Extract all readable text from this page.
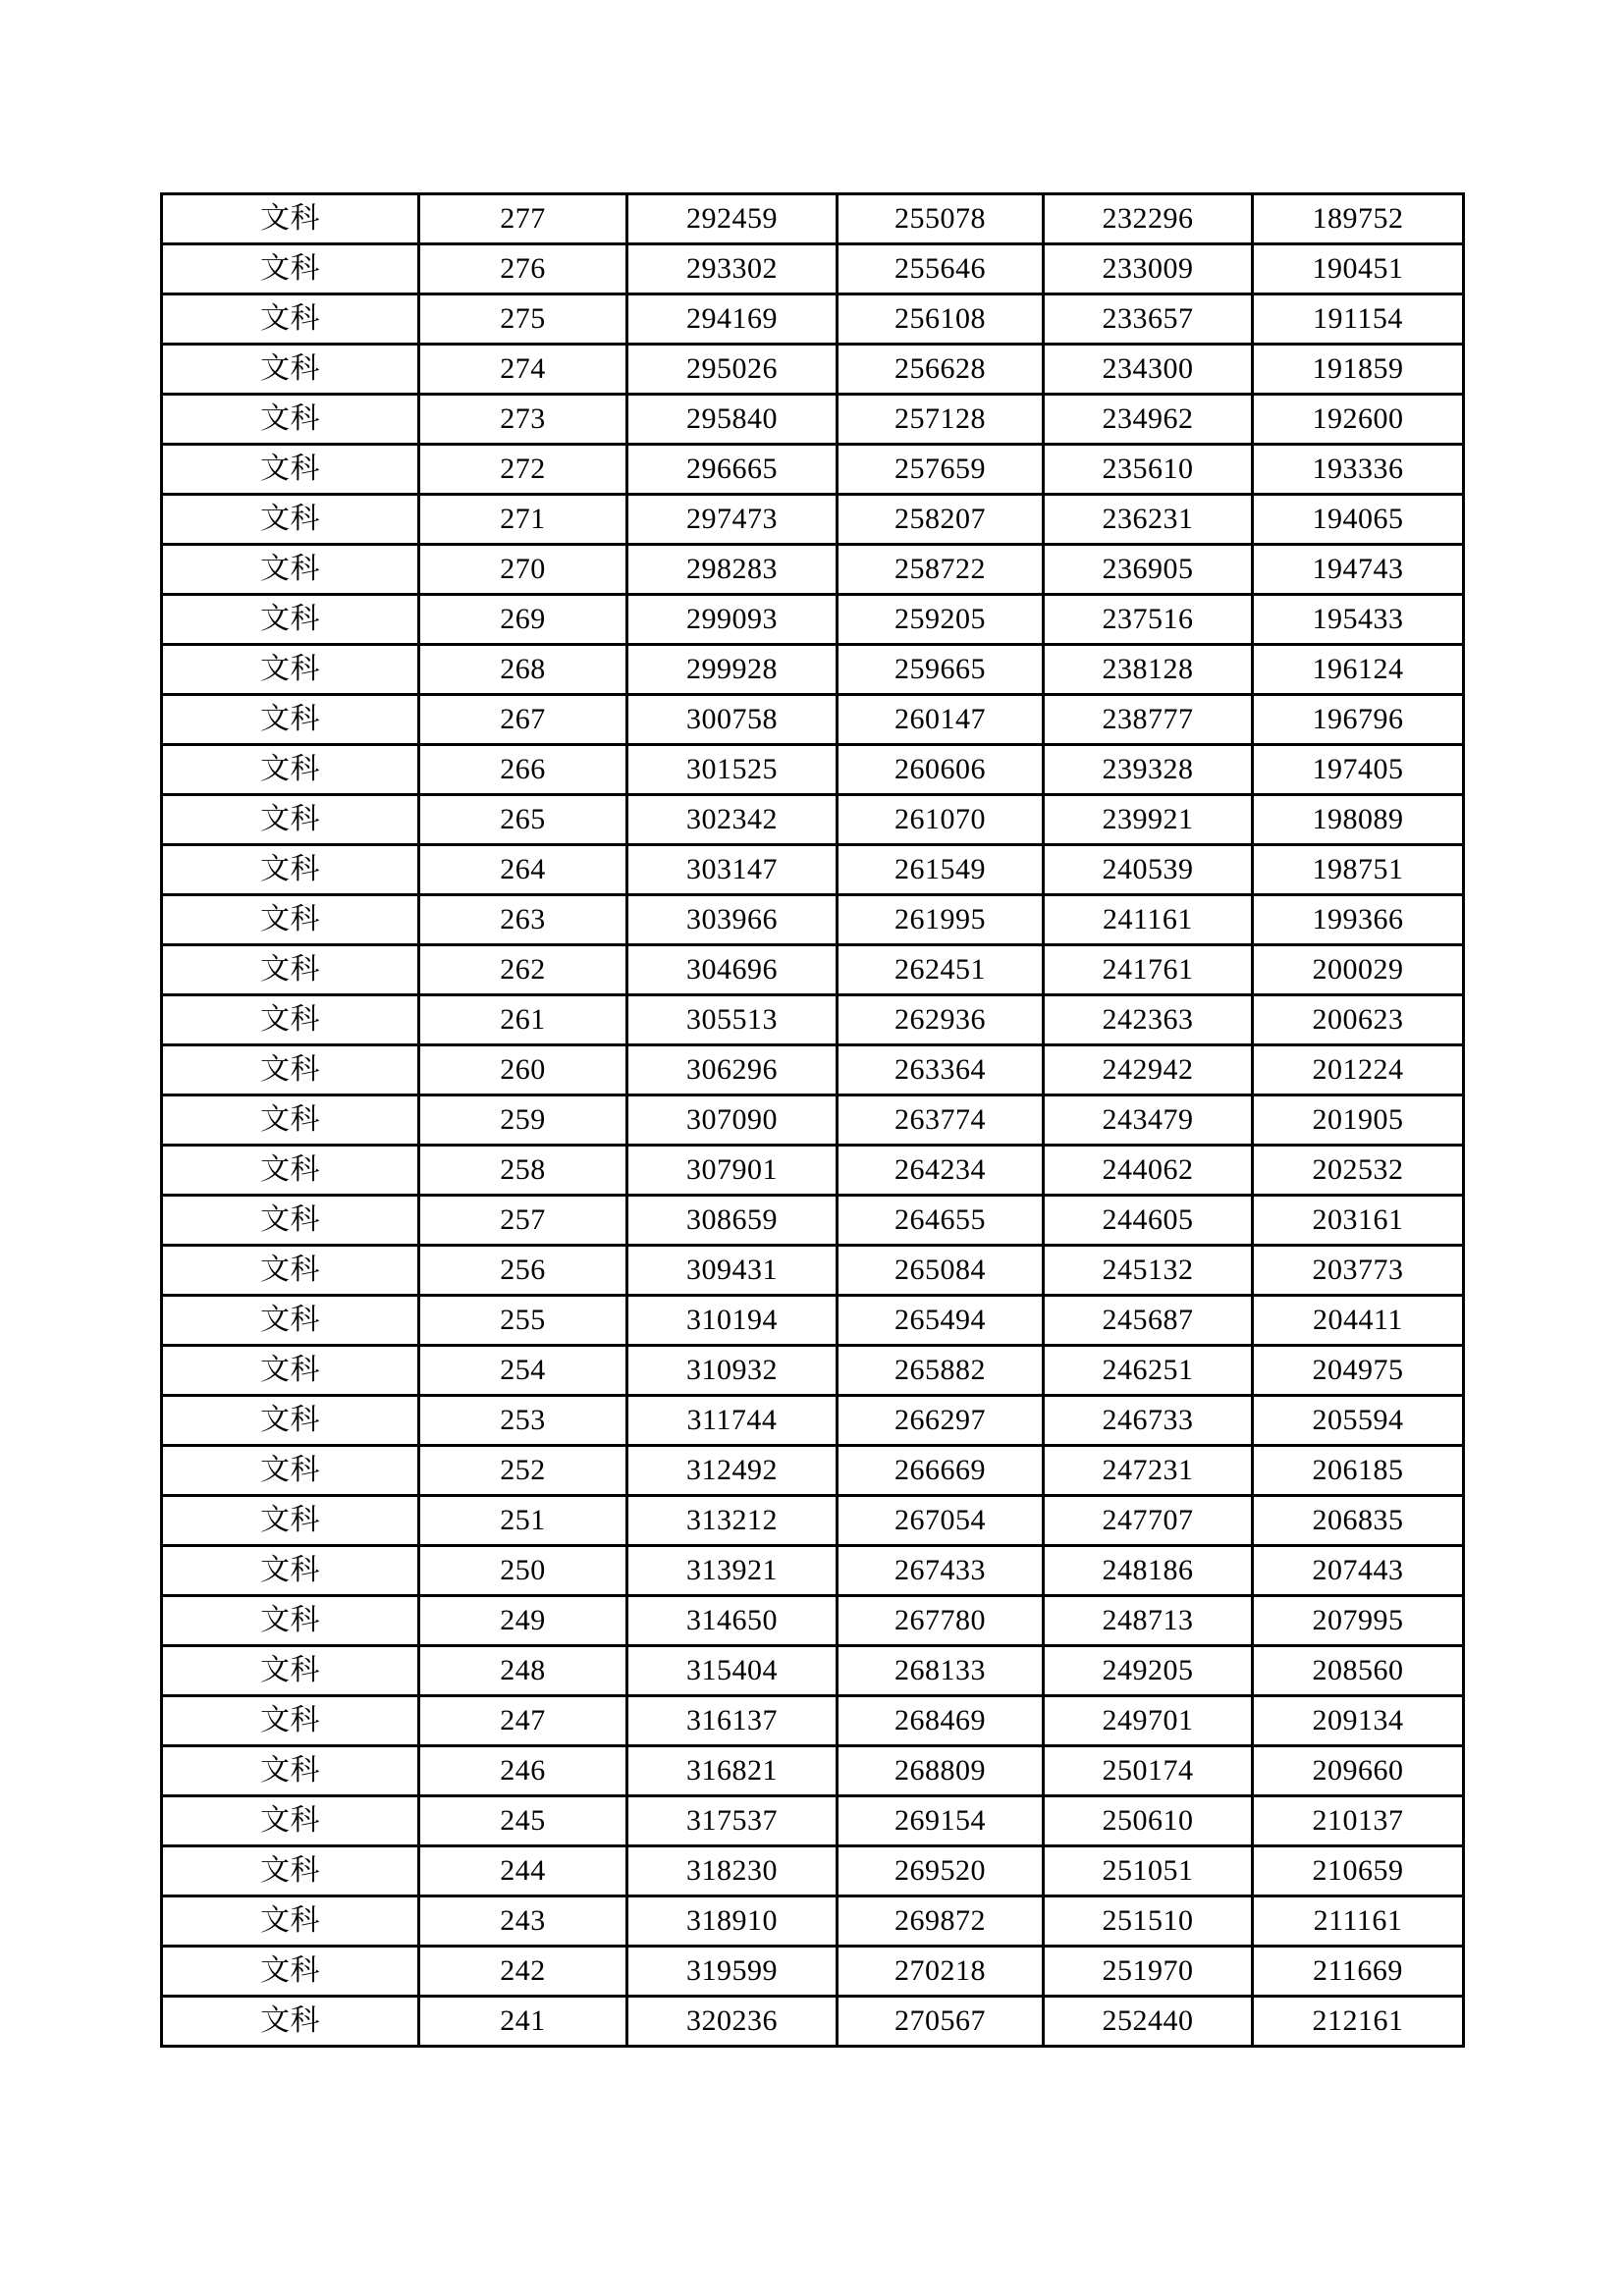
文科	277	292459	255078	232296	189752
文科	276	293302	255646	233009	190451
文科	275	294169	256108	233657	191154
文科	274	295026	256628	234300	191859
文科	273	295840	257128	234962	192600
文科	272	296665	257659	235610	193336
文科	271	297473	258207	236231	194065
文科	270	298283	258722	236905	194743
文科	269	299093	259205	237516	195433
文科	268	299928	259665	238128	196124
文科	267	300758	260147	238777	196796
文科	266	301525	260606	239328	197405
文科	265	302342	261070	239921	198089
文科	264	303147	261549	240539	198751
文科	263	303966	261995	241161	199366
文科	262	304696	262451	241761	200029
文科	261	305513	262936	242363	200623
文科	260	306296	263364	242942	201224
文科	259	307090	263774	243479	201905
文科	258	307901	264234	244062	202532
文科	257	308659	264655	244605	203161
文科	256	309431	265084	245132	203773
文科	255	310194	265494	245687	204411
文科	254	310932	265882	246251	204975
文科	253	311744	266297	246733	205594
文科	252	312492	266669	247231	206185
文科	251	313212	267054	247707	206835
文科	250	313921	267433	248186	207443
文科	249	314650	267780	248713	207995
文科	248	315404	268133	249205	208560
文科	247	316137	268469	249701	209134
文科	246	316821	268809	250174	209660
文科	245	317537	269154	250610	210137
文科	244	318230	269520	251051	210659
文科	243	318910	269872	251510	211161
文科	242	319599	270218	251970	211669
文科	241	320236	270567	252440	212161
